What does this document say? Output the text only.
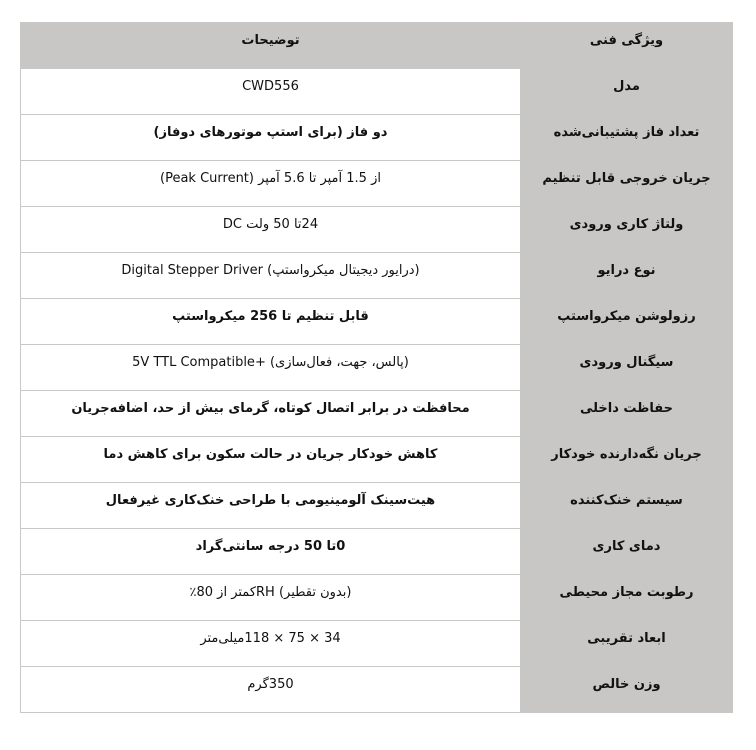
ویژگی فنی	توضیحات
مدل	CWD556
تعداد فاز پشتیبانی‌شده	دو فاز (برای استپ موتورهای دوفاز)
جریان خروجی قابل تنظیم	از 1.5 آمپر تا 5.6 آمپر (Peak Current)
ولتاژ کاری ورودی	24تا 50 ولت DC
نوع درایو	(درایور دیجیتال میکرواستپ) Digital Stepper Driver
رزولوشن میکرواستپ	قابل تنظیم تا 256 میکرواستپ
سیگنال ورودی	(پالس، جهت، فعال‌سازی) +5V TTL Compatible
حفاظت داخلی	محافظت در برابر اتصال کوتاه، گرمای بیش از حد، اضافه‌جریان
جریان نگه‌دارنده خودکار	کاهش خودکار جریان در حالت سکون برای کاهش دما
سیستم خنک‌کننده	هیت‌سینک آلومینیومی با طراحی خنک‌کاری غیرفعال
دمای کاری	0تا 50 درجه سانتی‌گراد
رطوبت مجاز محیطی	(بدون تقطیر) RHکمتر از 80٪
ابعاد تقریبی	34 × 75 × 118میلی‌متر
وزن خالص	350گرم
